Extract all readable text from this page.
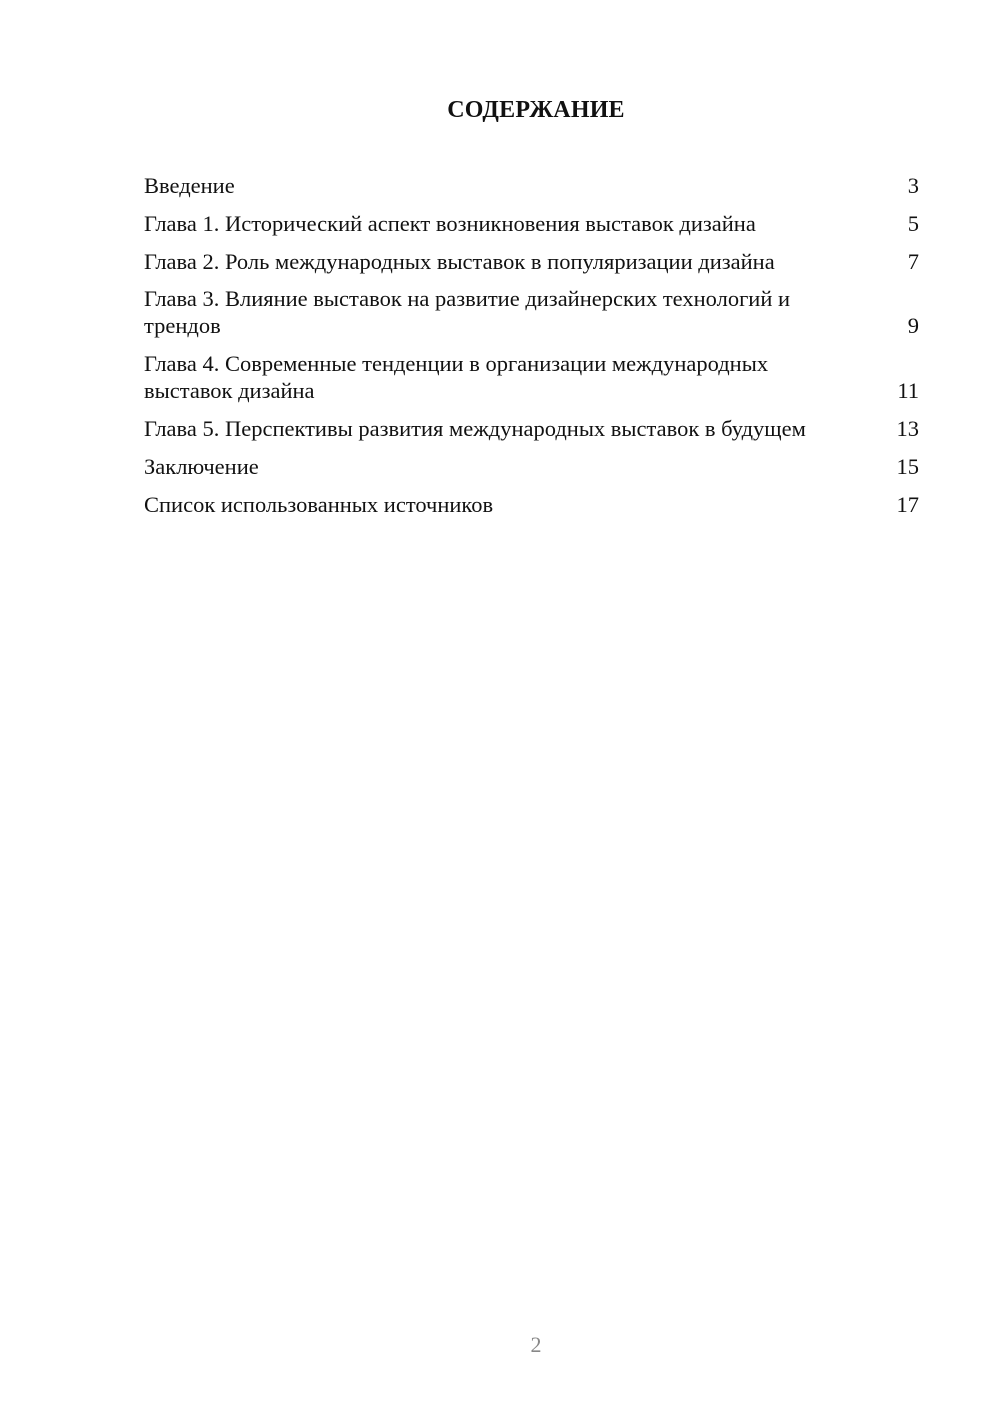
СОДЕРЖАНИЕ
Введение	3
Глава 1. Исторический аспект возникновения выставок дизайна	5
Глава 2. Роль международных выставок в популяризации дизайна	7
Глава 3. Влияние выставок на развитие дизайнерских технологий и трендов	9
Глава 4. Современные тенденции в организации международных выставок дизайна	11
Глава 5. Перспективы развития международных выставок в будущем	13
Заключение	15
Список использованных источников	17
2
